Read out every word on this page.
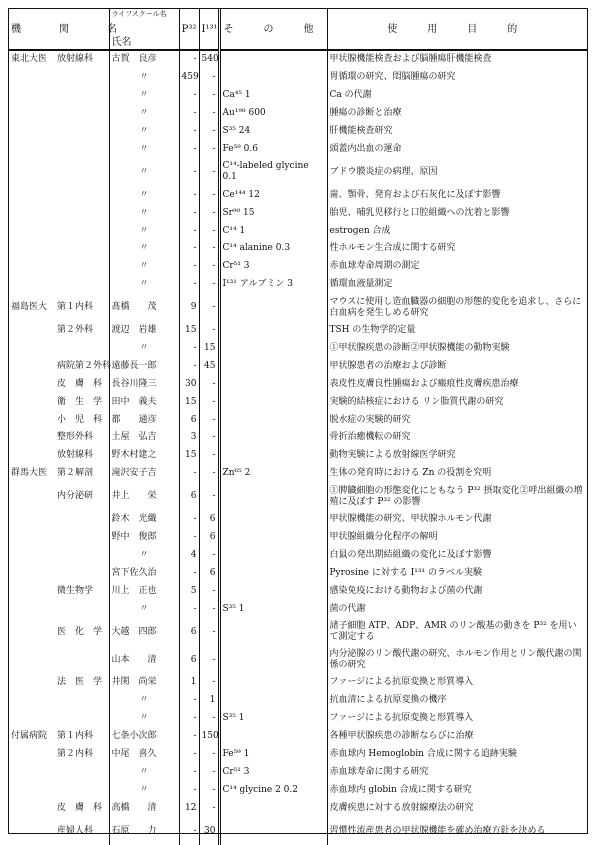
機　関　名	ライフスクール名
氏名	P³²	I¹³¹	そ　の　他	使　用　目　的
東北大医 放射線科	古賀　良彦	-	540		甲状腺機能検査および脳腫瘍肝機能検査
	〃	459	-		胃循環の研究、悶脳腫瘍の研究
	〃	-	-	Ca⁴⁵ 1	Ca の代謝
	〃	-	-	Au¹⁹⁸ 600	腫瘍の診断と治療
	〃	-	-	S³⁵ 24	肝機能検査研究
	〃	-	-	Fe⁵⁹ 0.6	頭蓋内出血の運命
	〃	-	-	C¹⁴-labeled glycine 0.1	ブドウ膜炎症の病理、原因
	〃	-	-	Ce¹⁴⁴ 12	歯、顎骨、発育および石灰化に及ぼす影響
	〃	-	-	Sr⁹⁰ 15	胎児、哺乳児移行と口腔組織への沈着と影響
	〃	-	-	C¹⁴ 1	estrogen 合成
	〃	-	-	C¹⁴ alanine 0.3	性ホルモン生合成に関する研究
	〃	-	-	Cr⁵¹ 3	赤血球寿命周期の測定
	〃	-	-	I¹³¹ アルブミン 3	循環血液量測定
福島医大 第１内科	髙橋　　茂	9	-		マウスに使用し造血臓器の細胞の形態的変化を追求し、さらに白血病を発生しめる研究
第２外科	渡辺　岩雄	15	-		TSH の生物学的定量
	〃	-	15		①甲状腺疾患の診断②甲状腺機能の動物実験
病院第２外科	遠藤長一郎	-	45		甲状腺患者の治療および診断
皮　膚　科	長谷川隆三	30	-		表皮性皮膚良性腫瘍および瘢痕性皮膚疾患治療
衛　生　学	田中　義夫	15	-		実験的結核症における リン脂質代謝の研究
小　児　科	都　　通彦	6	-		脱水症の実験的研究
整形外科	土屋　弘吉	3	-		骨折治癒機転の研究
放射線科	野木村建之	15	-		動物実験による放射線医学研究
群馬大医 第２解剖	滝沢安子吉	-	-	Zn⁶⁵ 2	生体の発育時における Zn の役割を究明
内分泌研	井上　　栄	6	-		①脾臓細胞の形態変化にともなう P³² 摂取変化②呼出組織の増殖に及ぼす P³² の影響
	鈴木　光織	-	6		甲状腺機能の研究、甲状腺ホルモン代謝
	野中　俊郎	-	6		甲状腺組織分化程序の解明
	〃	4	-		白鼠の発出期結組織の変化に及ぼす影響
	宮下佐久治	-	6		Pyrosine に対する I¹³¹ のラベル実験
微生物学	川上　正也	5	-		感染免疫における動物および菌の代謝
	〃	-	-	S³⁵ 1	菌の代謝
医　化　学	大越　四郎	6	-		諸子細胞 ATP、ADP、AMR のリン酸基の動きを P³² を用いて測定する
	山本　　清	6	-		内分泌腺のリン酸代謝の研究、ホルモン作用とリン酸代謝の関係の研究
法　医　学	井関　尚栄	1	-		ファージによる抗原変換と形質導入
	〃	-	1		抗血清による抗原変換の機序
	〃	-	-	S³⁵ 1	ファージによる抗原変換と形質導入
付属病院 第１内科	七条小次郎	-	150		各種甲状腺疾患の診断ならびに治療
第２内科	中尾　喜久	-	-	Fe⁵⁹ 1	赤血球内 Hemoglobin 合成に関する追跡実験
	〃	-	-	Cr⁵¹ 3	赤血球寿命に関する研究
	〃	-	-	C¹⁴ glycine 2 0.2	赤血球内 globin 合成に関する研究
皮　膚　科	高橋　　清	12	-		皮膚疾患に対する放射線療法の研究
産婦人科	石原　　力	-	30		習慣性流産患者の甲状腺機能を確め治療方針を決める
